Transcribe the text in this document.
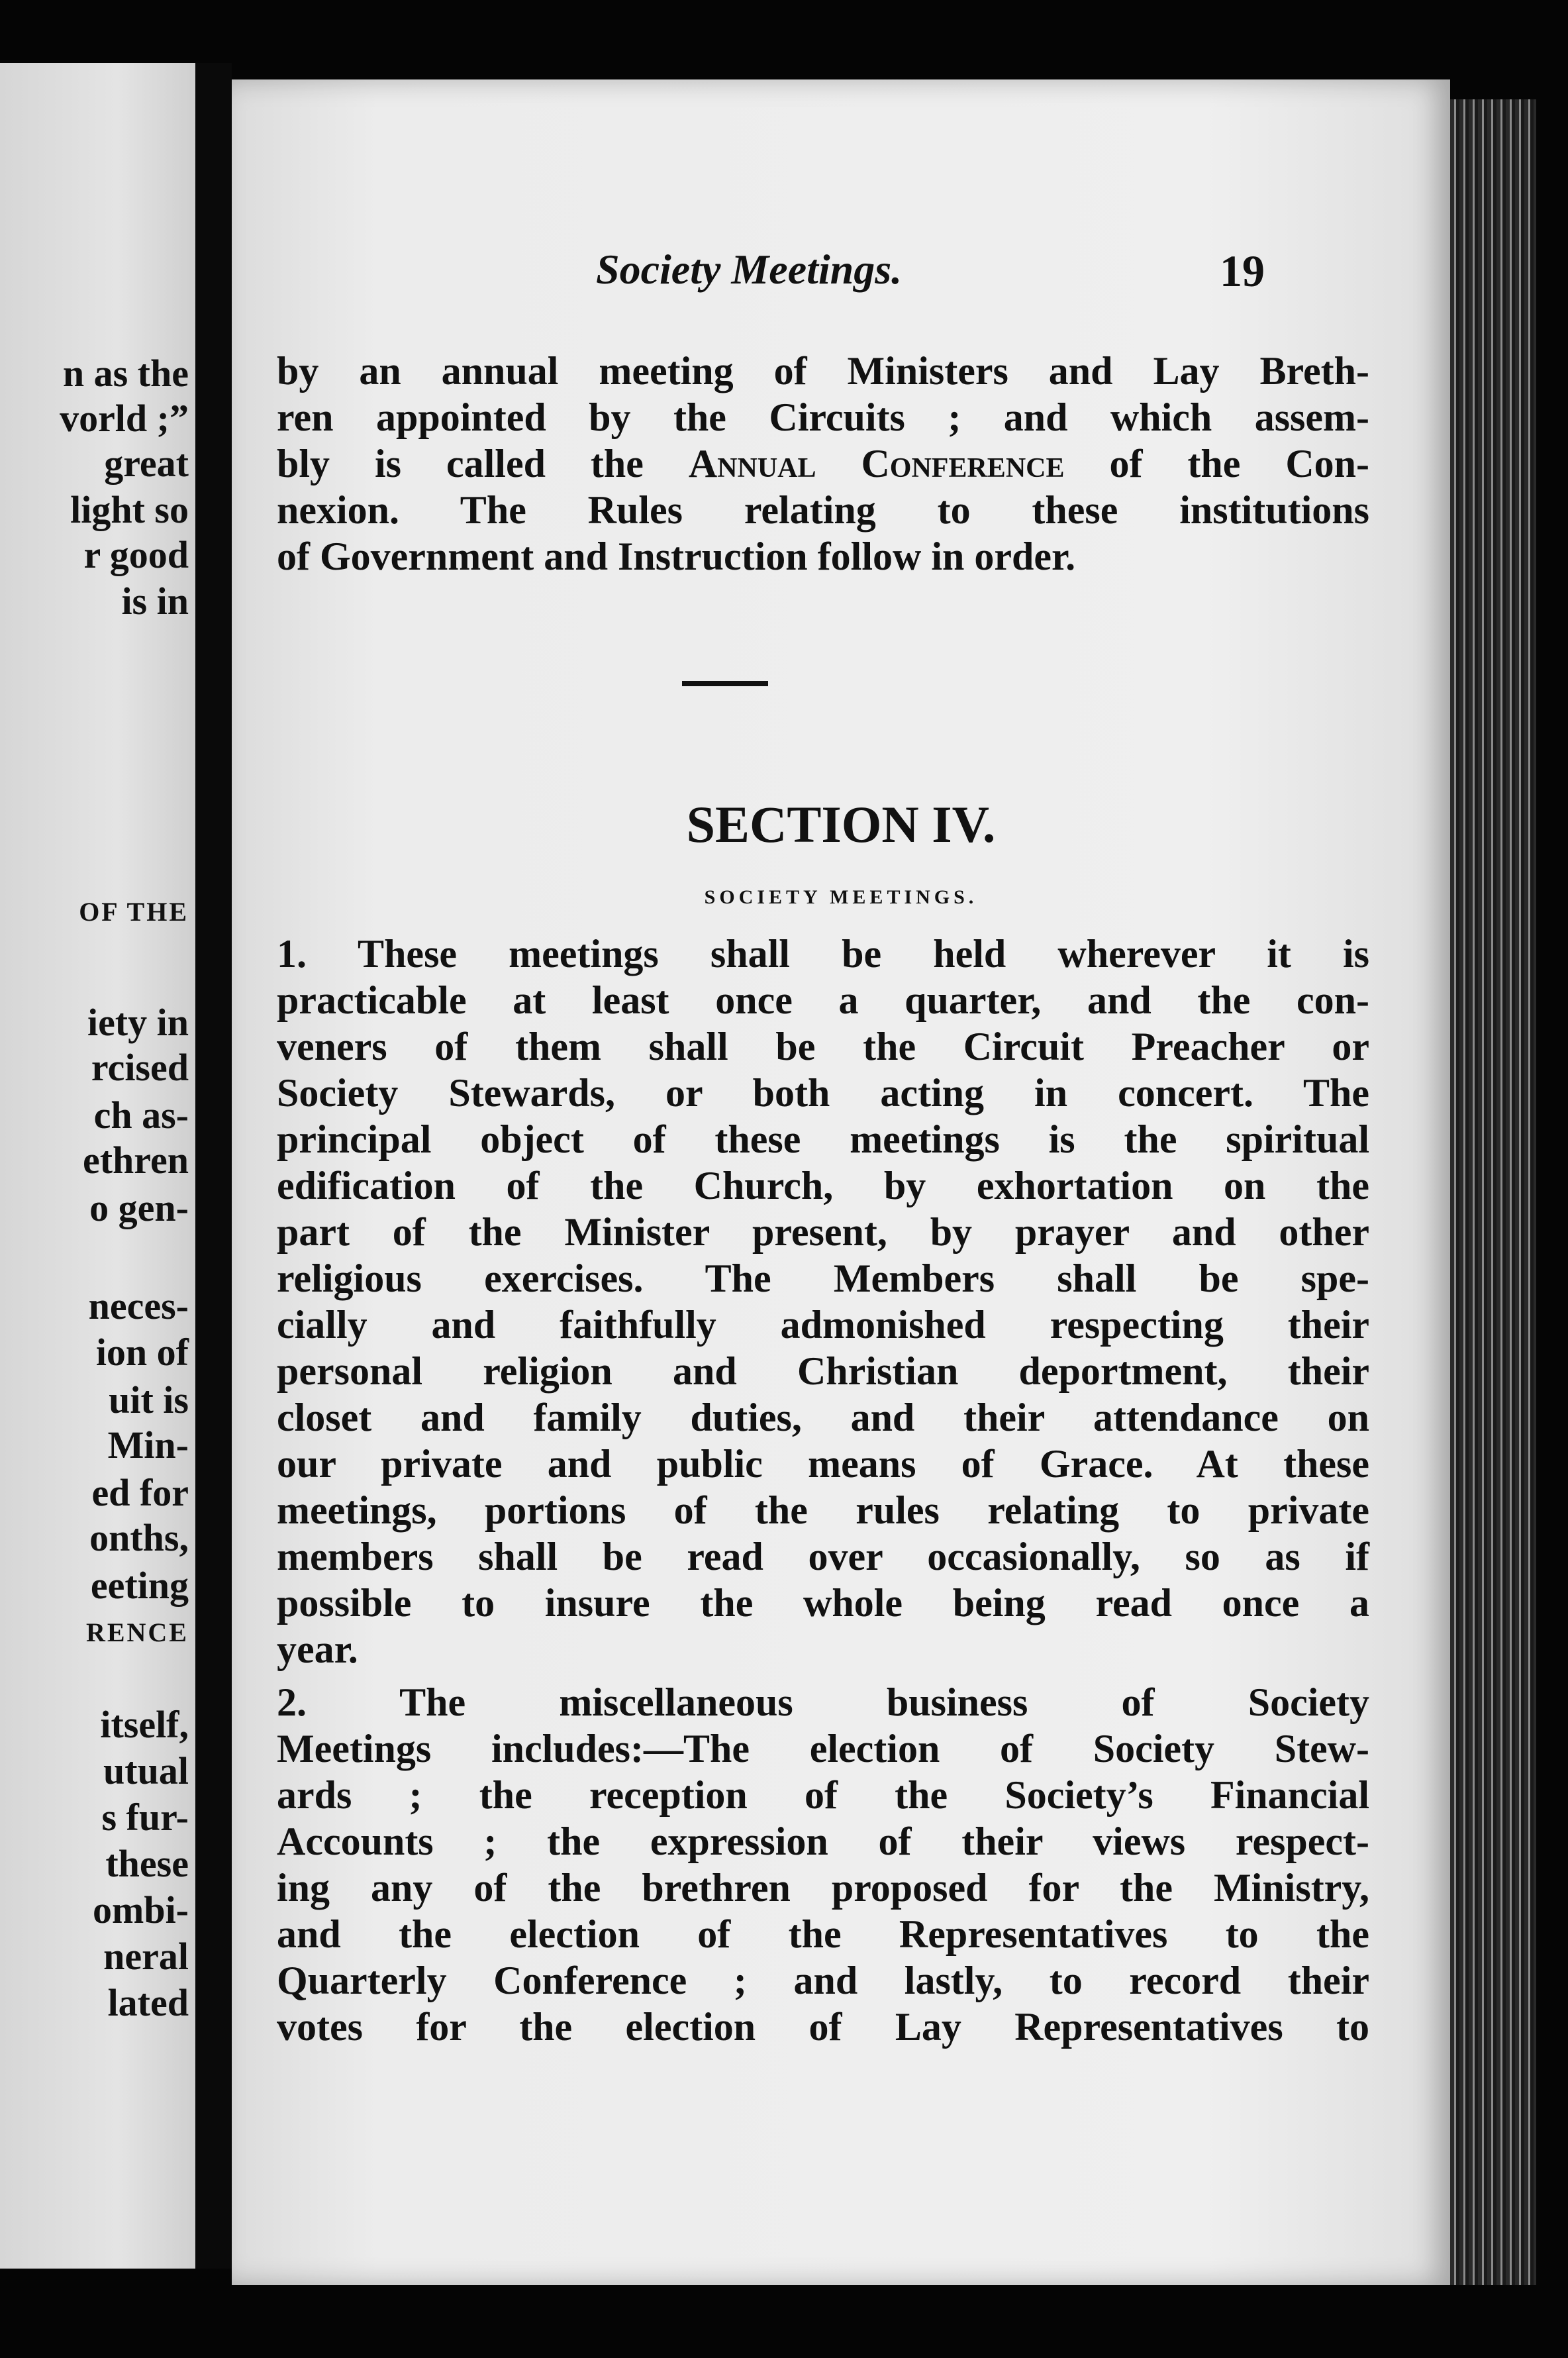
n as the

vorld ;”

great

light so

r good

is in

OF THE

iety in

rcised

ch as-

ethren

o gen-

neces-

ion of

uit is

Min-

ed for

onths,

eeting

RENCE

itself,

utual

s fur-

these

ombi-

neral

lated

Society Meetings.	19

by an annual meeting of Ministers and Lay Breth-

ren appointed by the Circuits ; and which assem-

bly is called the Annual Conference of the Con-

nexion. The Rules relating to these institutions

of Government and Instruction follow in order.

SECTION IV.

SOCIETY MEETINGS.

1. These meetings shall be held wherever it is

practicable at least once a quarter, and the con-

veners of them shall be the Circuit Preacher or

Society Stewards, or both acting in concert. The

principal object of these meetings is the spiritual

edification of the Church, by exhortation on the

part of the Minister present, by prayer and other

religious exercises. The Members shall be spe-

cially and faithfully admonished respecting their

personal religion and Christian deportment, their

closet and family duties, and their attendance on

our private and public means of Grace. At these

meetings, portions of the rules relating to private

members shall be read over occasionally, so as if

possible to insure the whole being read once a

year.

2. The miscellaneous business of Society

Meetings includes:—The election of Society Stew-

ards ; the reception of the Society’s Financial

Accounts ; the expression of their views respect-

ing any of the brethren proposed for the Ministry,

and the election of the Representatives to the

Quarterly Conference ; and lastly, to record their

votes for the election of Lay Representatives to
